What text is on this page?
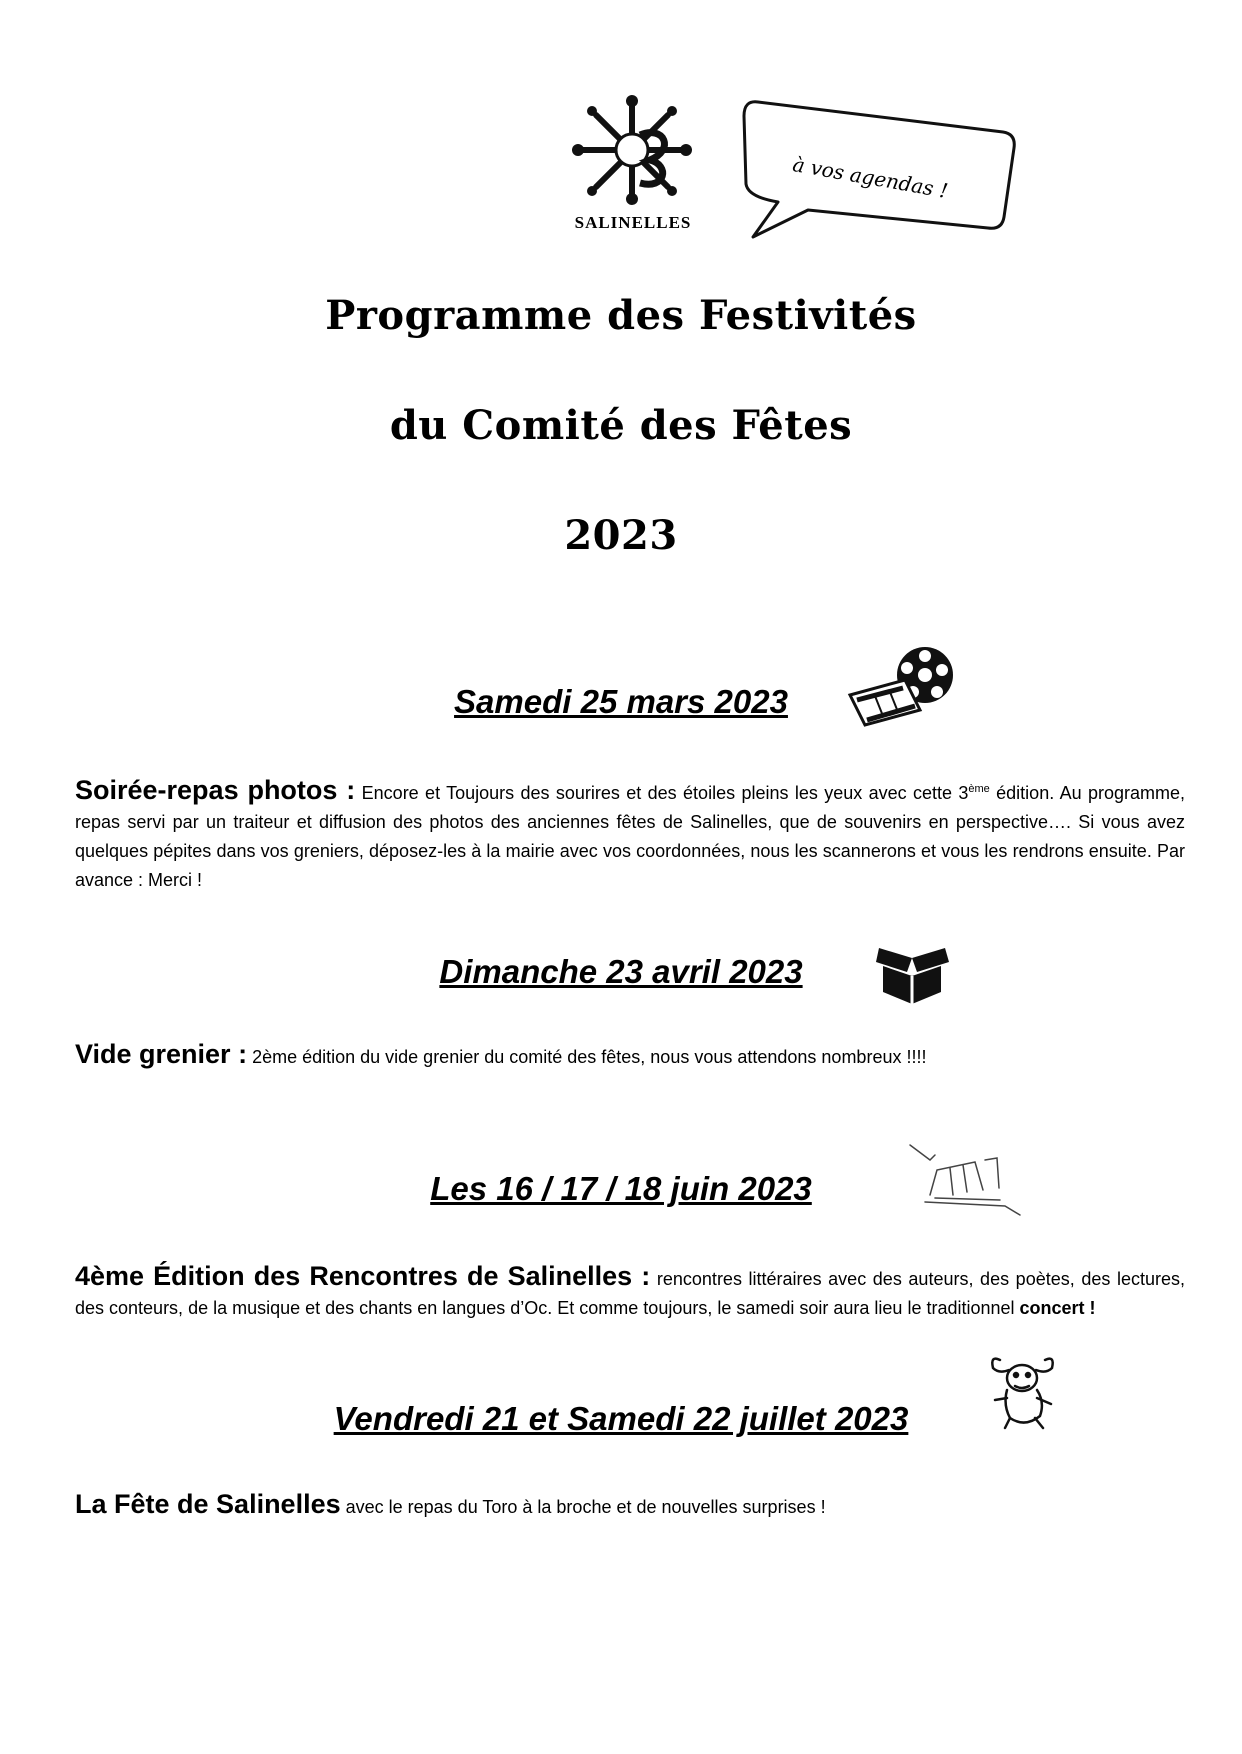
SALINELLES
à vos agendas !
Programme des Festivités
du Comité des Fêtes
2023
Samedi 25 mars 2023
Soirée-repas photos : Encore et Toujours des sourires et des étoiles pleins les yeux avec cette 3ème édition. Au programme, repas servi par un traiteur et diffusion des photos des anciennes fêtes de Salinelles, que de souvenirs en perspective…. Si vous avez quelques pépites dans vos greniers, déposez-les à la mairie avec vos coordonnées, nous les scannerons et vous les rendrons ensuite. Par avance : Merci !
Dimanche 23 avril 2023
Vide grenier : 2ème édition du vide grenier du comité des fêtes, nous vous attendons nombreux !!!!
Les 16 / 17 / 18 juin 2023
4ème Édition des Rencontres de Salinelles : rencontres littéraires avec des auteurs, des poètes, des lectures, des conteurs, de la musique et des chants en langues d’Oc. Et comme toujours, le samedi soir aura lieu le traditionnel concert !
Vendredi 21 et Samedi 22 juillet 2023
La Fête de Salinelles avec le repas du Toro à la broche et de nouvelles surprises !
